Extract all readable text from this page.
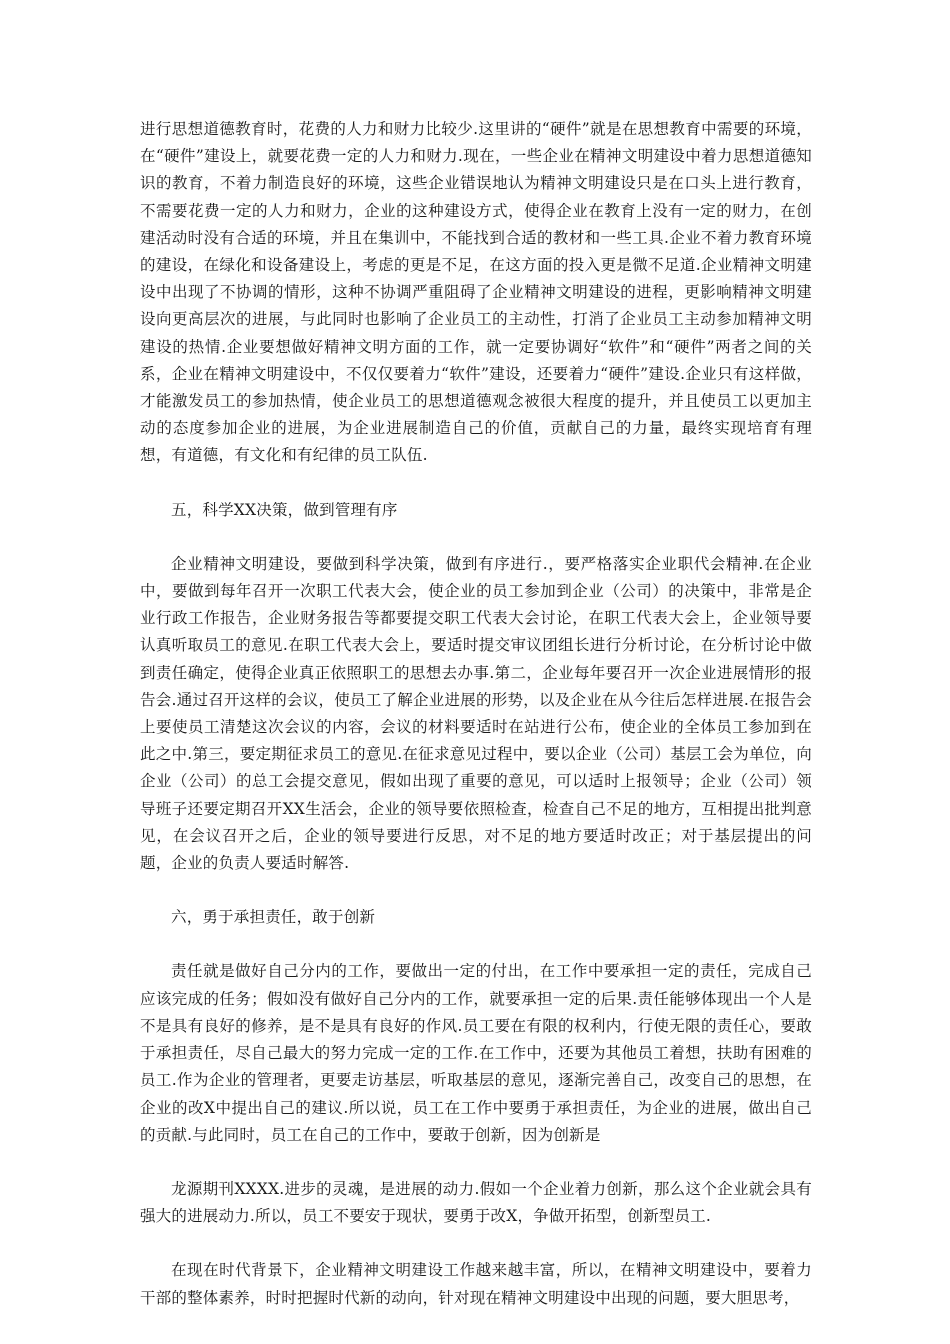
进行思想道德教育时，花费的人力和财力比较少.这里讲的“硬件”就是在思想教育中需要的环境，在“硬件”建设上，就要花费一定的人力和财力.现在，一些企业在精神文明建设中着力思想道德知识的教育，不着力制造良好的环境，这些企业错误地认为精神文明建设只是在口头上进行教育，不需要花费一定的人力和财力，企业的这种建设方式，使得企业在教育上没有一定的财力，在创建活动时没有合适的环境，并且在集训中，不能找到合适的教材和一些工具.企业不着力教育环境的建设，在绿化和设备建设上，考虑的更是不足，在这方面的投入更是微不足道.企业精神文明建设中出现了不协调的情形，这种不协调严重阻碍了企业精神文明建设的进程，更影响精神文明建设向更高层次的进展，与此同时也影响了企业员工的主动性，打消了企业员工主动参加精神文明建设的热情.企业要想做好精神文明方面的工作，就一定要协调好“软件”和“硬件”两者之间的关系，企业在精神文明建设中，不仅仅要着力“软件”建设，还要着力“硬件”建设.企业只有这样做，才能激发员工的参加热情，使企业员工的思想道德观念被很大程度的提升，并且使员工以更加主动的态度参加企业的进展，为企业进展制造自己的价值，贡献自己的力量，最终实现培育有理想，有道德，有文化和有纪律的员工队伍.

五，科学XX决策，做到管理有序

企业精神文明建设，要做到科学决策，做到有序进行.，要严格落实企业职代会精神.在企业中，要做到每年召开一次职工代表大会，使企业的员工参加到企业（公司）的决策中，非常是企业行政工作报告，企业财务报告等都要提交职工代表大会讨论，在职工代表大会上，企业领导要认真听取员工的意见.在职工代表大会上，要适时提交审议团组长进行分析讨论，在分析讨论中做到责任确定，使得企业真正依照职工的思想去办事.第二，企业每年要召开一次企业进展情形的报告会.通过召开这样的会议，使员工了解企业进展的形势，以及企业在从今往后怎样进展.在报告会上要使员工清楚这次会议的内容，会议的材料要适时在站进行公布，使企业的全体员工参加到在此之中.第三，要定期征求员工的意见.在征求意见过程中，要以企业（公司）基层工会为单位，向企业（公司）的总工会提交意见，假如出现了重要的意见，可以适时上报领导；企业（公司）领导班子还要定期召开XX生活会，企业的领导要依照检查，检查自己不足的地方，互相提出批判意见，在会议召开之后，企业的领导要进行反思，对不足的地方要适时改正；对于基层提出的问题，企业的负责人要适时解答.

六，勇于承担责任，敢于创新

责任就是做好自己分内的工作，要做出一定的付出，在工作中要承担一定的责任，完成自己应该完成的任务；假如没有做好自己分内的工作，就要承担一定的后果.责任能够体现出一个人是不是具有良好的修养，是不是具有良好的作风.员工要在有限的权利内，行使无限的责任心，要敢于承担责任，尽自己最大的努力完成一定的工作.在工作中，还要为其他员工着想，扶助有困难的员工.作为企业的管理者，更要走访基层，听取基层的意见，逐渐完善自己，改变自己的思想，在企业的改X中提出自己的建议.所以说，员工在工作中要勇于承担责任，为企业的进展，做出自己的贡献.与此同时，员工在自己的工作中，要敢于创新，因为创新是

龙源期刊XXXX.进步的灵魂，是进展的动力.假如一个企业着力创新，那么这个企业就会具有强大的进展动力.所以，员工不要安于现状，要勇于改X，争做开拓型，创新型员工.

在现在时代背景下，企业精神文明建设工作越来越丰富，所以，在精神文明建设中，要着力干部的整体素养，时时把握时代新的动向，针对现在精神文明建设中出现的问题，要大胆思考，
